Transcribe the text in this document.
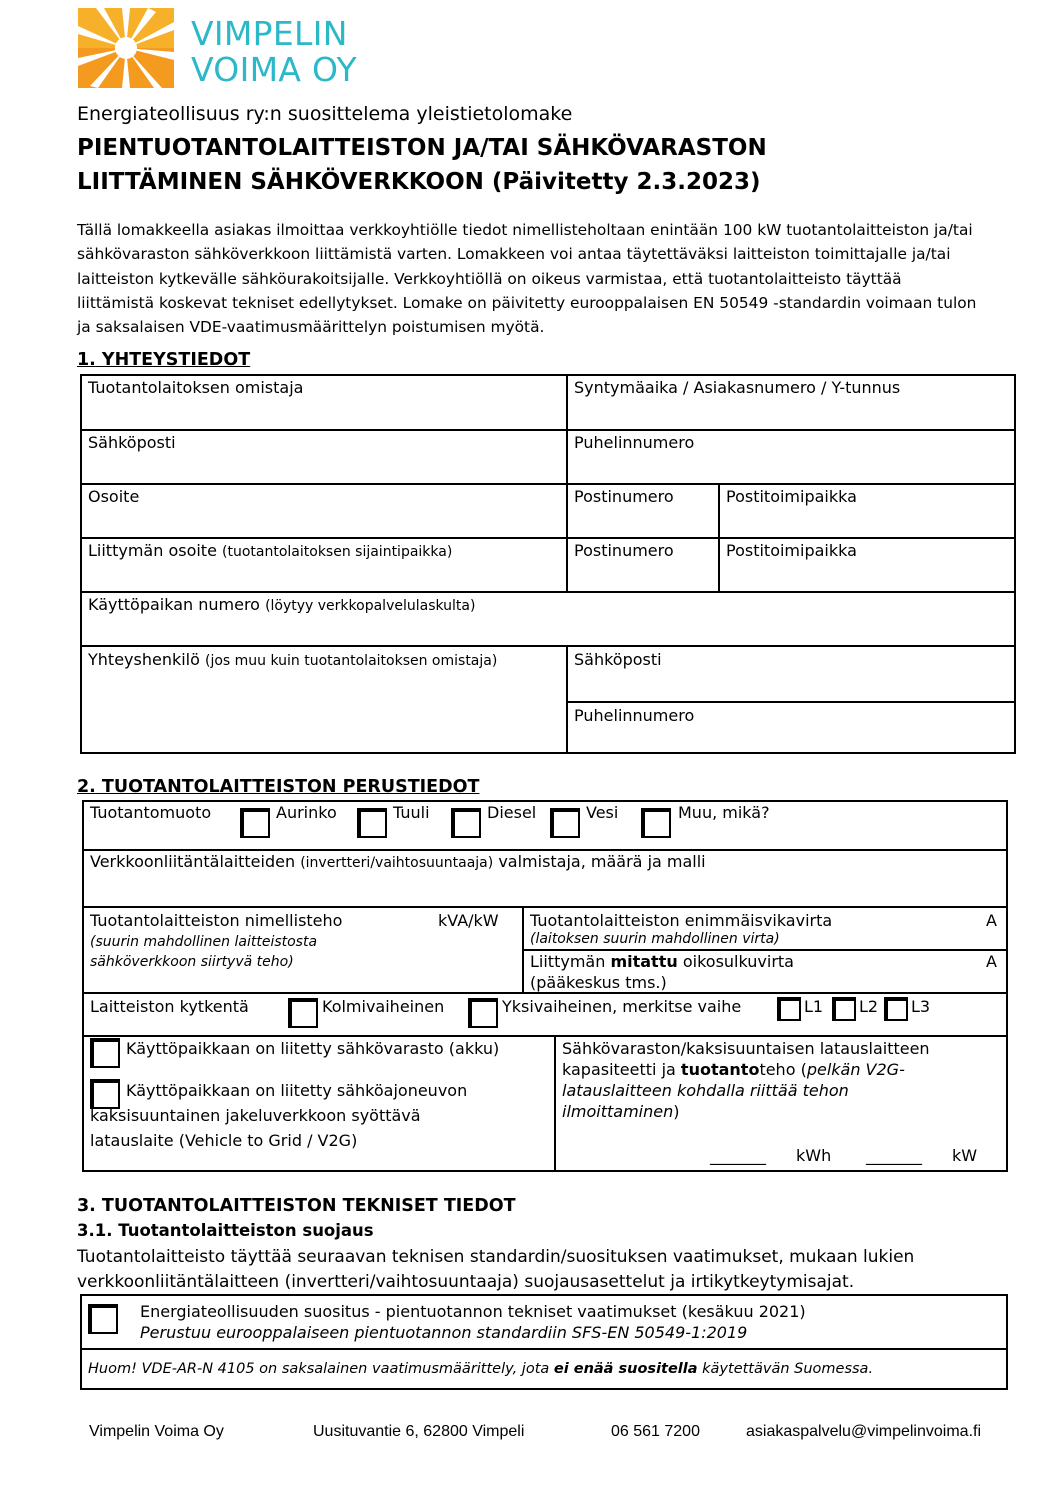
VIMPELIN
VOIMA OY
Energiateollisuus ry:n suosittelema yleistietolomake
PIENTUOTANTOLAITTEISTON JA/TAI SÄHKÖVARASTON
LIITTÄMINEN SÄHKÖVERKKOON (Päivitetty 2.3.2023)
Tällä lomakkeella asiakas ilmoittaa verkkoyhtiölle tiedot nimellisteholtaan enintään 100 kW tuotantolaitteiston ja/tai sähkövaraston sähköverkkoon liittämistä varten. Lomakkeen voi antaa täytettäväksi laitteiston toimittajalle ja/tai laitteiston kytkevälle sähköurakoitsijalle. Verkkoyhtiöllä on oikeus varmistaa, että tuotantolaitteisto täyttää liittämistä koskevat tekniset edellytykset. Lomake on päivitetty eurooppalaisen EN 50549 -standardin voimaan tulon ja saksalaisen VDE-vaatimusmäärittelyn poistumisen myötä.
1. YHTEYSTIEDOT
Tuotantolaitoksen omistaja	Syntymäaika / Asiakasnumero / Y-tunnus
Sähköposti	Puhelinnumero
Osoite	Postinumero	Postitoimipaikka
Liittymän osoite (tuotantolaitoksen sijaintipaikka)	Postinumero	Postitoimipaikka
Käyttöpaikan numero (löytyy verkkopalvelulaskulta)
Yhteyshenkilö (jos muu kuin tuotantolaitoksen omistaja)	Sähköposti
Puhelinnumero
2. TUOTANTOLAITTEISTON PERUSTIEDOT
Tuotantomuoto	Aurinko	Tuuli	Diesel	Vesi	Muu, mikä?
Verkkoonliitäntälaitteiden (invertteri/vaihtosuuntaaja) valmistaja, määrä ja malli
Tuotantolaitteiston nimellisteho	kVA/kW
(suurin mahdollinen laitteistosta
sähköverkkoon siirtyvä teho)
Tuotantolaitteiston enimmäisvikavirta	A
(laitoksen suurin mahdollinen virta)
Liittymän mitattu oikosulkuvirta	A
(pääkeskus tms.)
Laitteiston kytkentä	Kolmivaiheinen	Yksivaiheinen, merkitse vaihe	L1 L2 L3
Käyttöpaikkaan on liitetty sähkövarasto (akku)
Käyttöpaikkaan on liitetty sähköajoneuvon
kaksisuuntainen jakeluverkkoon syöttävä
latauslaite (Vehicle to Grid / V2G)
Sähkövaraston/kaksisuuntaisen latauslaitteen
kapasiteetti ja tuotantoteho (pelkän V2G-
latauslaitteen kohdalla riittää tehon
ilmoittaminen)
_______ kWh _______ kW
3. TUOTANTOLAITTEISTON TEKNISET TIEDOT
3.1. Tuotantolaitteiston suojaus
Tuotantolaitteisto täyttää seuraavan teknisen standardin/suosituksen vaatimukset, mukaan lukien
verkkoonliitäntälaitteen (invertteri/vaihtosuuntaaja) suojausasettelut ja irtikytkeytymisajat.
Energiateollisuuden suositus - pientuotannon tekniset vaatimukset (kesäkuu 2021)
Perustuu eurooppalaiseen pientuotannon standardiin SFS-EN 50549-1:2019
Huom! VDE-AR-N 4105 on saksalainen vaatimusmäärittely, jota ei enää suositella käytettävän Suomessa.
Vimpelin Voima Oy	Uusituvantie 6, 62800 Vimpeli	06 561 7200	asiakaspalvelu@vimpelinvoima.fi
